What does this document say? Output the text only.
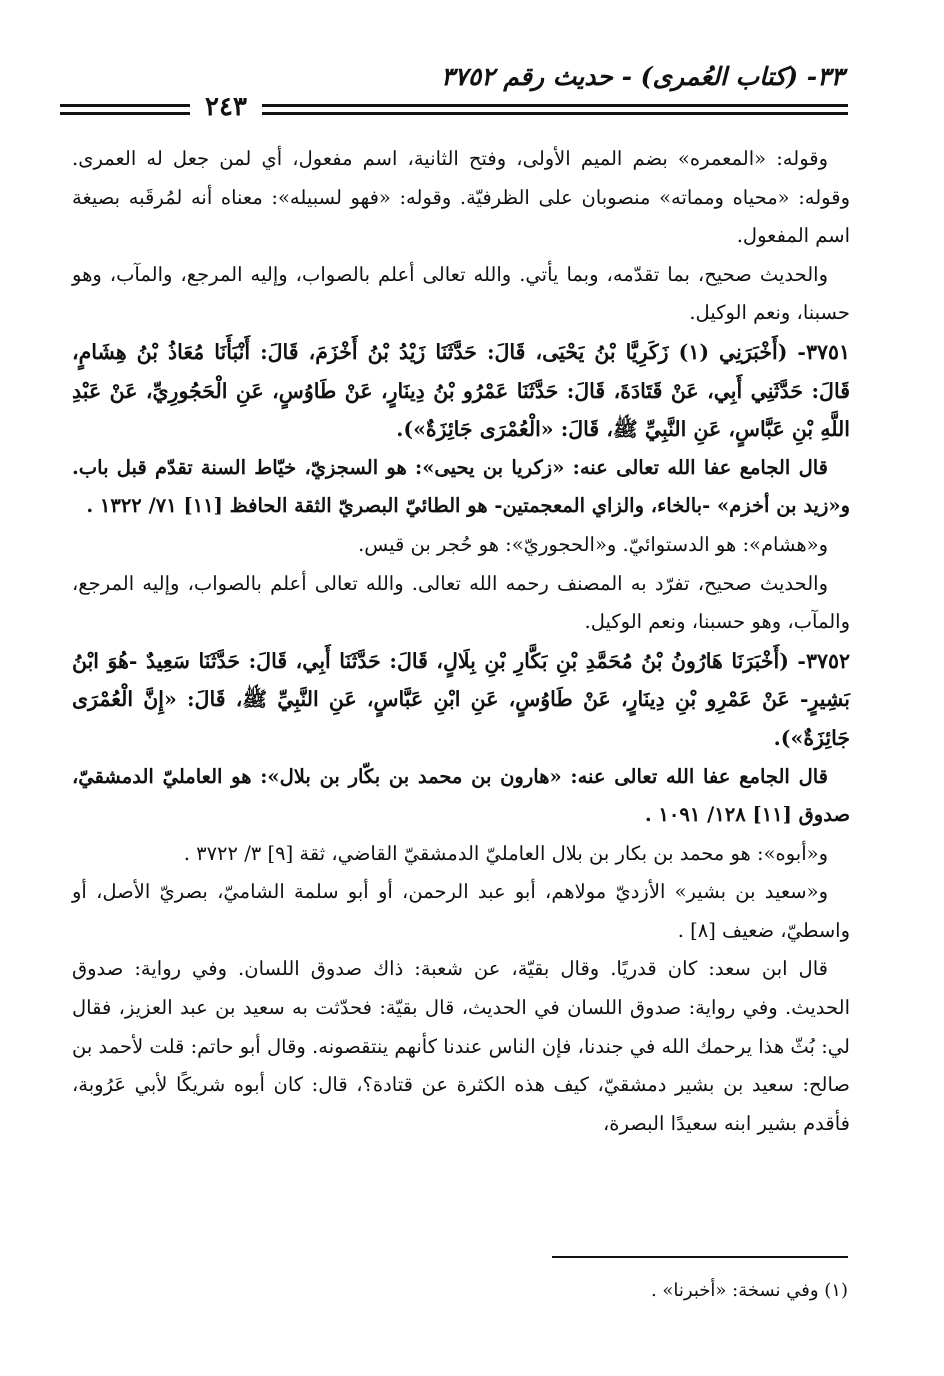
٣٣- (كتاب العُمرى) - حديث رقم ٣٧٥٢
٢٤٣

وقوله: «المعمره» بضم الميم الأولى، وفتح الثانية، اسم مفعول، أي لمن جعل له العمرى. وقوله: «محياه ومماته» منصوبان على الظرفيّة. وقوله: «فهو لسبيله»: معناه أنه لمُرقَبه بصيغة اسم المفعول.

والحديث صحيح، بما تقدّمه، وبما يأتي. والله تعالى أعلم بالصواب، وإليه المرجع، والمآب، وهو حسبنا، ونعم الوكيل.

٣٧٥١- (أَخْبَرَنِي (١) زَكَرِيَّا بْنُ يَحْيَى، قَالَ: حَدَّثَنَا زَيْدُ بْنُ أَخْزَمَ، قَالَ: أَنْبَأَنَا مُعَاذُ بْنُ هِشَامٍ، قَالَ: حَدَّثَنِي أَبِي، عَنْ قَتَادَةَ، قَالَ: حَدَّثَنَا عَمْرُو بْنُ دِينَارٍ، عَنْ طَاوُسٍ، عَنِ الْحَجُورِيِّ، عَنْ عَبْدِ اللَّهِ بْنِ عَبَّاسٍ، عَنِ النَّبِيِّ ﷺ، قَالَ: «الْعُمْرَى جَائِزَةٌ»).

قال الجامع عفا الله تعالى عنه: «زكريا بن يحيى»: هو السجزيّ، خيّاط السنة تقدّم قبل باب. و«زيد بن أخزم» -بالخاء، والزاي المعجمتين- هو الطائيّ البصريّ الثقة الحافظ [١١] ٧١/ ١٣٢٢ .

و«هشام»: هو الدستوائيّ. و«الحجوريّ»: هو حُجر بن قيس.

والحديث صحيح، تفرّد به المصنف رحمه الله تعالى. والله تعالى أعلم بالصواب، وإليه المرجع، والمآب، وهو حسبنا، ونعم الوكيل.

٣٧٥٢- (أَخْبَرَنَا هَارُونُ بْنُ مُحَمَّدِ بْنِ بَكَّارِ بْنِ بِلَالٍ، قَالَ: حَدَّثَنَا أَبِي، قَالَ: حَدَّثَنَا سَعِيدٌ -هُوَ ابْنُ بَشِيرٍ- عَنْ عَمْرِو بْنِ دِينَارٍ، عَنْ طَاوُسٍ، عَنِ ابْنِ عَبَّاسٍ، عَنِ النَّبِيِّ ﷺ، قَالَ: «إِنَّ الْعُمْرَى جَائِزَةٌ»).

قال الجامع عفا الله تعالى عنه: «هارون بن محمد بن بكّار بن بلال»: هو العامليّ الدمشقيّ، صدوق [١١] ١٢٨/ ١٠٩١ .

و«أبوه»: هو محمد بن بكار بن بلال العامليّ الدمشقيّ القاضي، ثقة [٩] ٣/ ٣٧٢٢ .

و«سعيد بن بشير» الأزديّ مولاهم، أبو عبد الرحمن، أو أبو سلمة الشاميّ، بصريّ الأصل، أو واسطيّ، ضعيف [٨] .

قال ابن سعد: كان قدريًا. وقال بقيّة، عن شعبة: ذاك صدوق اللسان. وفي رواية: صدوق الحديث. وفي رواية: صدوق اللسان في الحديث، قال بقيّة: فحدّثت به سعيد بن عبد العزيز، فقال لي: بُثّ هذا يرحمك الله في جندنا، فإن الناس عندنا كأنهم ينتقصونه. وقال أبو حاتم: قلت لأحمد بن صالح: سعيد بن بشير دمشقيّ، كيف هذه الكثرة عن قتادة؟، قال: كان أبوه شريكًا لأبي عَرُوبة، فأقدم بشير ابنه سعيدًا البصرة،

(١) وفي نسخة: «أخبرنا» .
